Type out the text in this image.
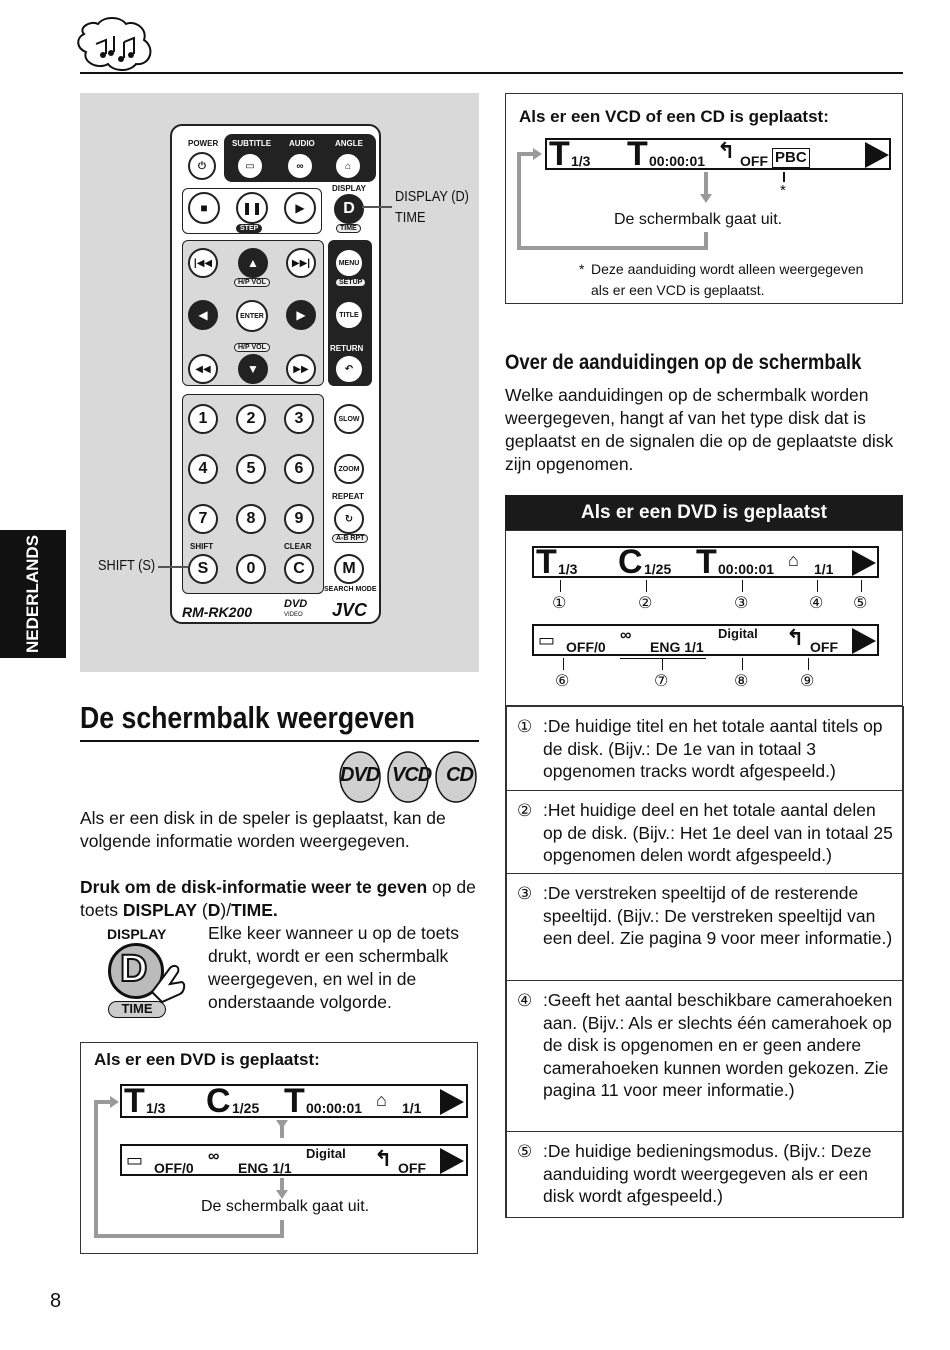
NEDERLANDS
POWER SUBTITLE AUDIO	ANGLE
⏻	▭	∞	⌂
■	❚❚	▶
STEP
DISPLAY
D
TIME
|◀◀	▲	▶▶|
H/P VOL
◀	ENTER	▶
H/P VOL
◀◀	▼	▶▶
MENU
SETUP
TITLE
RETURN
↶
1	2	3
4	5	6
7	8	9
SHIFT	CLEAR
S	0	C
SLOW
ZOOM
REPEAT
↻
A-B RPT
M
SEARCH MODE
RM-RK200	DVD
VIDEO JVC
DISPLAY (D)
TIME
SHIFT (S)
De schermbalk weergeven
DVD VCD CD

Als er een disk in de speler is geplaatst, kan de volgende informatie worden weergegeven.

Druk om de disk-informatie weer te geven op de toets DISPLAY (D)/TIME.

DISPLAY
D
TIME

Elke keer wanneer u op de toets
drukt, wordt er een schermbalk
weergegeven, en wel in de
onderstaande volgorde.

Als er een DVD is geplaatst:
T 1/3 C 1/25 T 00:00:01 ⌂ 1/1
▭ OFF/0
∞
ENG 1/1
Digital ↰ OFF
De schermbalk gaat uit.
Als er een VCD of een CD is geplaatst:
T 1/3 T 00:00:01 ↰ OFF PBC
*
De schermbalk gaat uit.
* Deze aanduiding wordt alleen weergegeven
als er een VCD is geplaatst.
Over de aanduidingen op de schermbalk

Welke aanduidingen op de schermbalk worden weergegeven, hangt af van het type disk dat is geplaatst en de signalen die op de geplaatste disk zijn opgenomen.

Als er een DVD is geplaatst
T 1/3 C 1/25 T 00:00:01 ⌂ 1/1
①	②	③	④ ⑤
▭ OFF/0
∞
ENG 1/1
Digital ↰ OFF
⑥	⑦	⑧	⑨
① :De huidige titel en het totale aantal titels op de disk. (Bijv.: De 1e van in totaal 3 opgenomen tracks wordt afgespeeld.)
② :Het huidige deel en het totale aantal delen op de disk. (Bijv.: Het 1e deel van in totaal 25 opgenomen delen wordt afgespeeld.)
③ :De verstreken speeltijd of de resterende speeltijd. (Bijv.: De verstreken speeltijd van een deel. Zie pagina 9 voor meer informatie.)
④ :Geeft het aantal beschikbare camerahoeken aan. (Bijv.: Als er slechts één camerahoek op de disk is opgenomen en er geen andere camerahoeken kunnen worden gekozen. Zie pagina 11 voor meer informatie.)
⑤ :De huidige bedieningsmodus. (Bijv.: Deze aanduiding wordt weergegeven als er een disk wordt afgespeeld.)
8
